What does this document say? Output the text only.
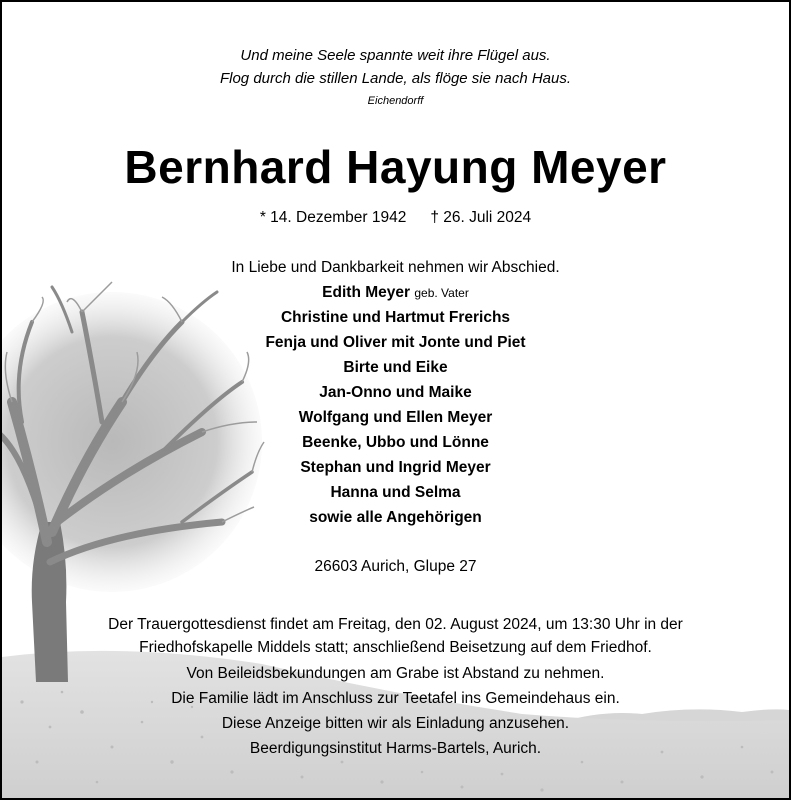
Und meine Seele spannte weit ihre Flügel aus.
Flog durch die stillen Lande, als flöge sie nach Haus.
Eichendorff
Bernhard Hayung Meyer
* 14. Dezember 1942 † 26. Juli 2024
In Liebe und Dankbarkeit nehmen wir Abschied.
Edith Meyer geb. Vater
Christine und Hartmut Frerichs
Fenja und Oliver mit Jonte und Piet
Birte und Eike
Jan-Onno und Maike
Wolfgang und Ellen Meyer
Beenke, Ubbo und Lönne
Stephan und Ingrid Meyer
Hanna und Selma
sowie alle Angehörigen
26603 Aurich, Glupe 27
Der Trauergottesdienst findet am Freitag, den 02. August 2024, um 13:30 Uhr in der
Friedhofskapelle Middels statt; anschließend Beisetzung auf dem Friedhof.
Von Beileidsbekundungen am Grabe ist Abstand zu nehmen.
Die Familie lädt im Anschluss zur Teetafel ins Gemeindehaus ein.
Diese Anzeige bitten wir als Einladung anzusehen.
Beerdigungsinstitut Harms-Bartels, Aurich.
